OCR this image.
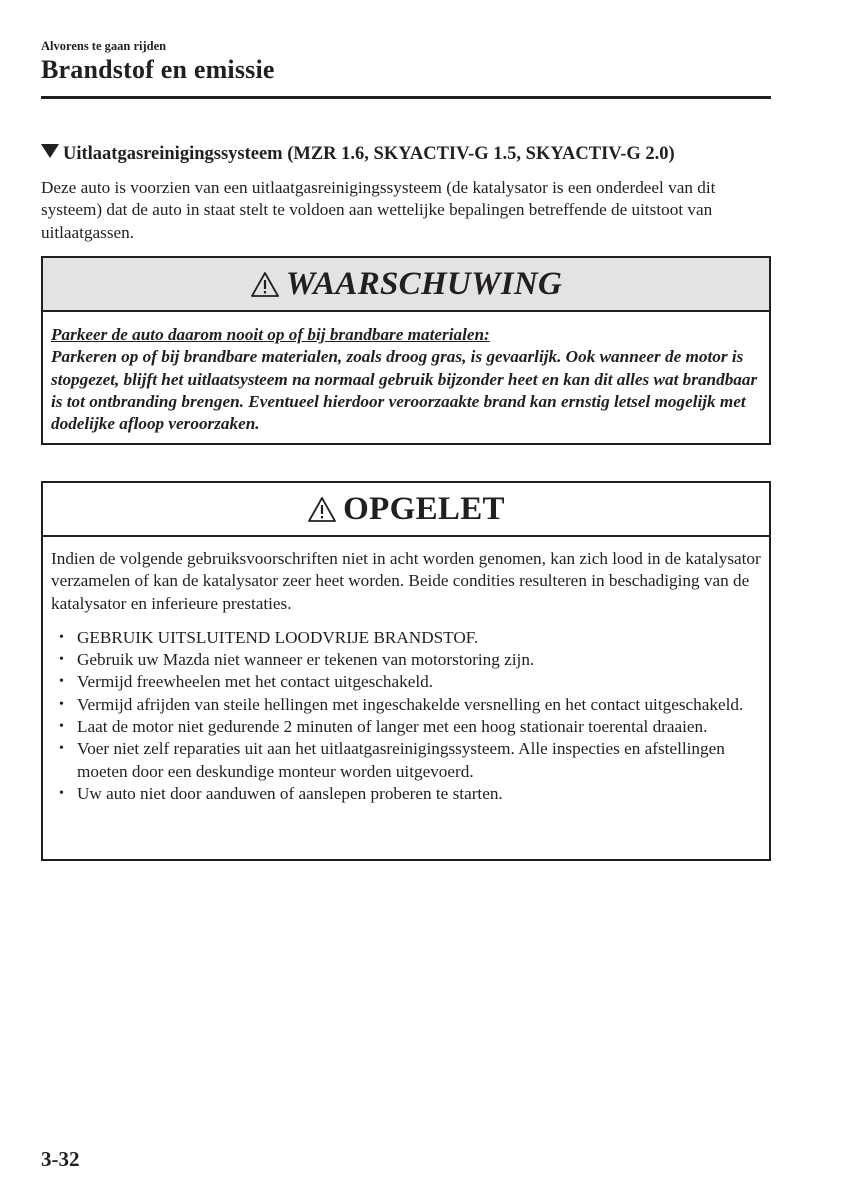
Alvorens te gaan rijden
Brandstof en emissie
Uitlaatgasreinigingssysteem (MZR 1.6, SKYACTIV-G 1.5, SKYACTIV-G 2.0)
Deze auto is voorzien van een uitlaatgasreinigingssysteem (de katalysator is een onderdeel van dit systeem) dat de auto in staat stelt te voldoen aan wettelijke bepalingen betreffende de uitstoot van uitlaatgassen.
WAARSCHUWING
Parkeer de auto daarom nooit op of bij brandbare materialen:
Parkeren op of bij brandbare materialen, zoals droog gras, is gevaarlijk. Ook wanneer de motor is stopgezet, blijft het uitlaatsysteem na normaal gebruik bijzonder heet en kan dit alles wat brandbaar is tot ontbranding brengen. Eventueel hierdoor veroorzaakte brand kan ernstig letsel mogelijk met dodelijke afloop veroorzaken.
OPGELET
Indien de volgende gebruiksvoorschriften niet in acht worden genomen, kan zich lood in de katalysator verzamelen of kan de katalysator zeer heet worden. Beide condities resulteren in beschadiging van de katalysator en inferieure prestaties.
• GEBRUIK UITSLUITEND LOODVRIJE BRANDSTOF.
• Gebruik uw Mazda niet wanneer er tekenen van motorstoring zijn.
• Vermijd freewheelen met het contact uitgeschakeld.
• Vermijd afrijden van steile hellingen met ingeschakelde versnelling en het contact uitgeschakeld.
• Laat de motor niet gedurende 2 minuten of langer met een hoog stationair toerental draaien.
• Voer niet zelf reparaties uit aan het uitlaatgasreinigingssysteem. Alle inspecties en afstellingen moeten door een deskundige monteur worden uitgevoerd.
• Uw auto niet door aanduwen of aanslepen proberen te starten.
3-32
